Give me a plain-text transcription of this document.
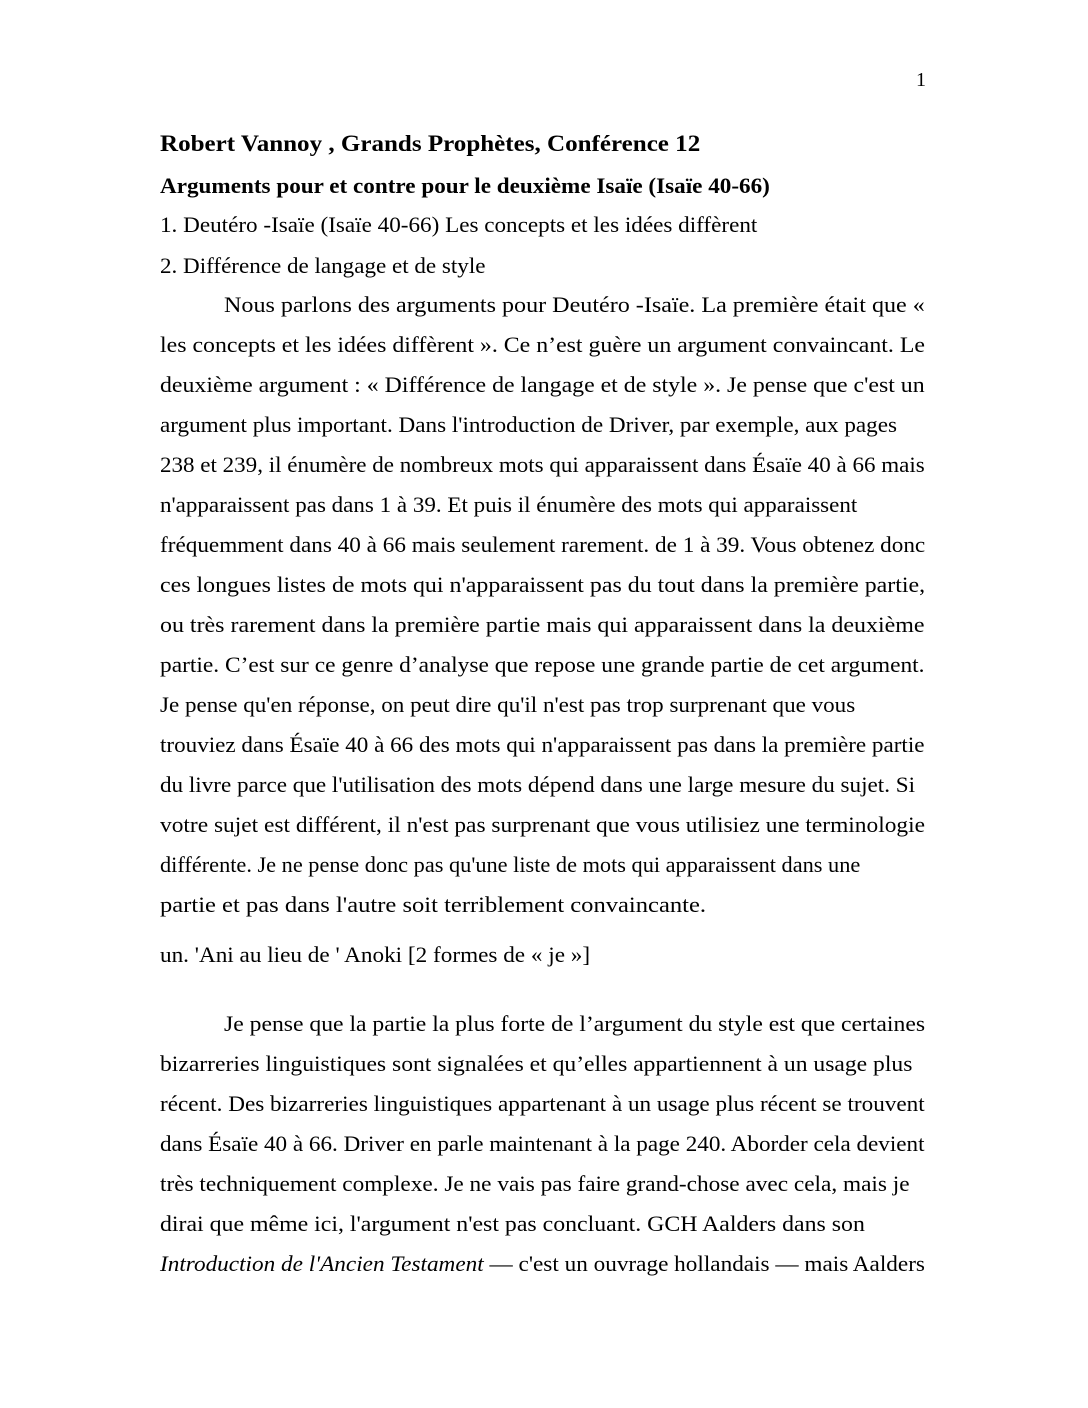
1
Robert Vannoy , Grands Prophètes, Conférence 12
Arguments pour et contre pour le deuxième Isaïe (Isaïe 40-66)
1. Deutéro -Isaïe (Isaïe 40-66) Les concepts et les idées diffèrent
2. Différence de langage et de style
Nous parlons des arguments pour Deutéro -Isaïe. La première était que «
les concepts et les idées diffèrent ». Ce n’est guère un argument convaincant. Le
deuxième argument : « Différence de langage et de style ». Je pense que c'est un
argument plus important. Dans l'introduction de Driver, par exemple, aux pages
238 et 239, il énumère de nombreux mots qui apparaissent dans Ésaïe 40 à 66 mais
n'apparaissent pas dans 1 à 39. Et puis il énumère des mots qui apparaissent
fréquemment dans 40 à 66 mais seulement rarement. de 1 à 39. Vous obtenez donc
ces longues listes de mots qui n'apparaissent pas du tout dans la première partie,
ou très rarement dans la première partie mais qui apparaissent dans la deuxième
partie. C’est sur ce genre d’analyse que repose une grande partie de cet argument.
Je pense qu'en réponse, on peut dire qu'il n'est pas trop surprenant que vous
trouviez dans Ésaïe 40 à 66 des mots qui n'apparaissent pas dans la première partie
du livre parce que l'utilisation des mots dépend dans une large mesure du sujet. Si
votre sujet est différent, il n'est pas surprenant que vous utilisiez une terminologie
différente. Je ne pense donc pas qu'une liste de mots qui apparaissent dans une
partie et pas dans l'autre soit terriblement convaincante.
un. 'Ani au lieu de ' Anoki [2 formes de « je »]
Je pense que la partie la plus forte de l’argument du style est que certaines
bizarreries linguistiques sont signalées et qu’elles appartiennent à un usage plus
récent. Des bizarreries linguistiques appartenant à un usage plus récent se trouvent
dans Ésaïe 40 à 66. Driver en parle maintenant à la page 240. Aborder cela devient
très techniquement complexe. Je ne vais pas faire grand-chose avec cela, mais je
dirai que même ici, l'argument n'est pas concluant. GCH Aalders dans son
Introduction de l'Ancien Testament — c'est un ouvrage hollandais — mais Aalders
